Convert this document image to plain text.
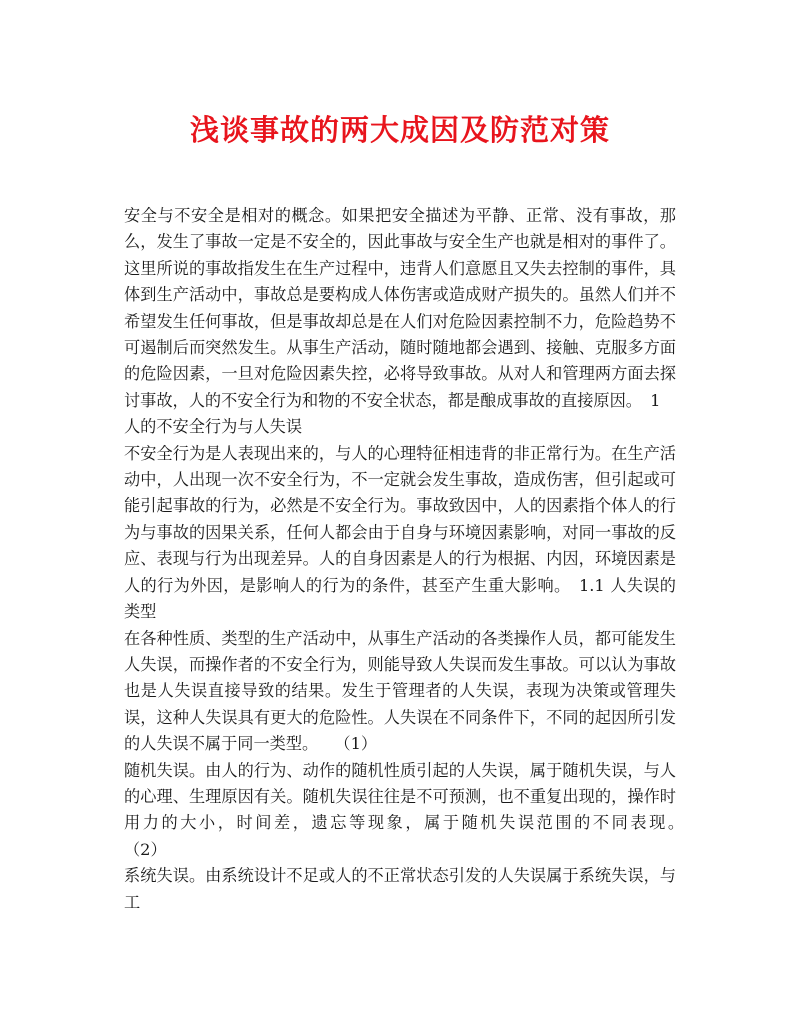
浅谈事故的两大成因及防范对策

安全与不安全是相对的概念。如果把安全描述为平静、正常、没有事故，那么，发生了事故一定是不安全的，因此事故与安全生产也就是相对的事件了。这里所说的事故指发生在生产过程中，违背人们意愿且又失去控制的事件，具体到生产活动中，事故总是要构成人体伤害或造成财产损失的。虽然人们并不希望发生任何事故，但是事故却总是在人们对危险因素控制不力，危险趋势不可遏制后而突然发生。从事生产活动，随时随地都会遇到、接触、克服多方面的危险因素，一旦对危险因素失控，必将导致事故。从对人和管理两方面去探讨事故，人的不安全行为和物的不安全状态，都是酿成事故的直接原因。　1

人的不安全行为与人失误

不安全行为是人表现出来的，与人的心理特征相违背的非正常行为。在生产活动中，人出现一次不安全行为，不一定就会发生事故，造成伤害，但引起或可能引起事故的行为，必然是不安全行为。事故致因中，人的因素指个体人的行为与事故的因果关系，任何人都会由于自身与环境因素影响，对同一事故的反应、表现与行为出现差异。人的自身因素是人的行为根据、内因，环境因素是人的行为外因，是影响人的行为的条件，甚至产生重大影响。　1.1 人失误的类型

在各种性质、类型的生产活动中，从事生产活动的各类操作人员，都可能发生人失误，而操作者的不安全行为，则能导致人失误而发生事故。可以认为事故也是人失误直接导致的结果。发生于管理者的人失误，表现为决策或管理失误，这种人失误具有更大的危险性。人失误在不同条件下，不同的起因所引发的人失误不属于同一类型。　　（1）

随机失误。由人的行为、动作的随机性质引起的人失误，属于随机失误，与人的心理、生理原因有关。随机失误往往是不可预测，也不重复出现的，操作时用力的大小，时间差，遗忘等现象，属于随机失误范围的不同表现。　　　（2）

系统失误。由系统设计不足或人的不正常状态引发的人失误属于系统失误，与工
